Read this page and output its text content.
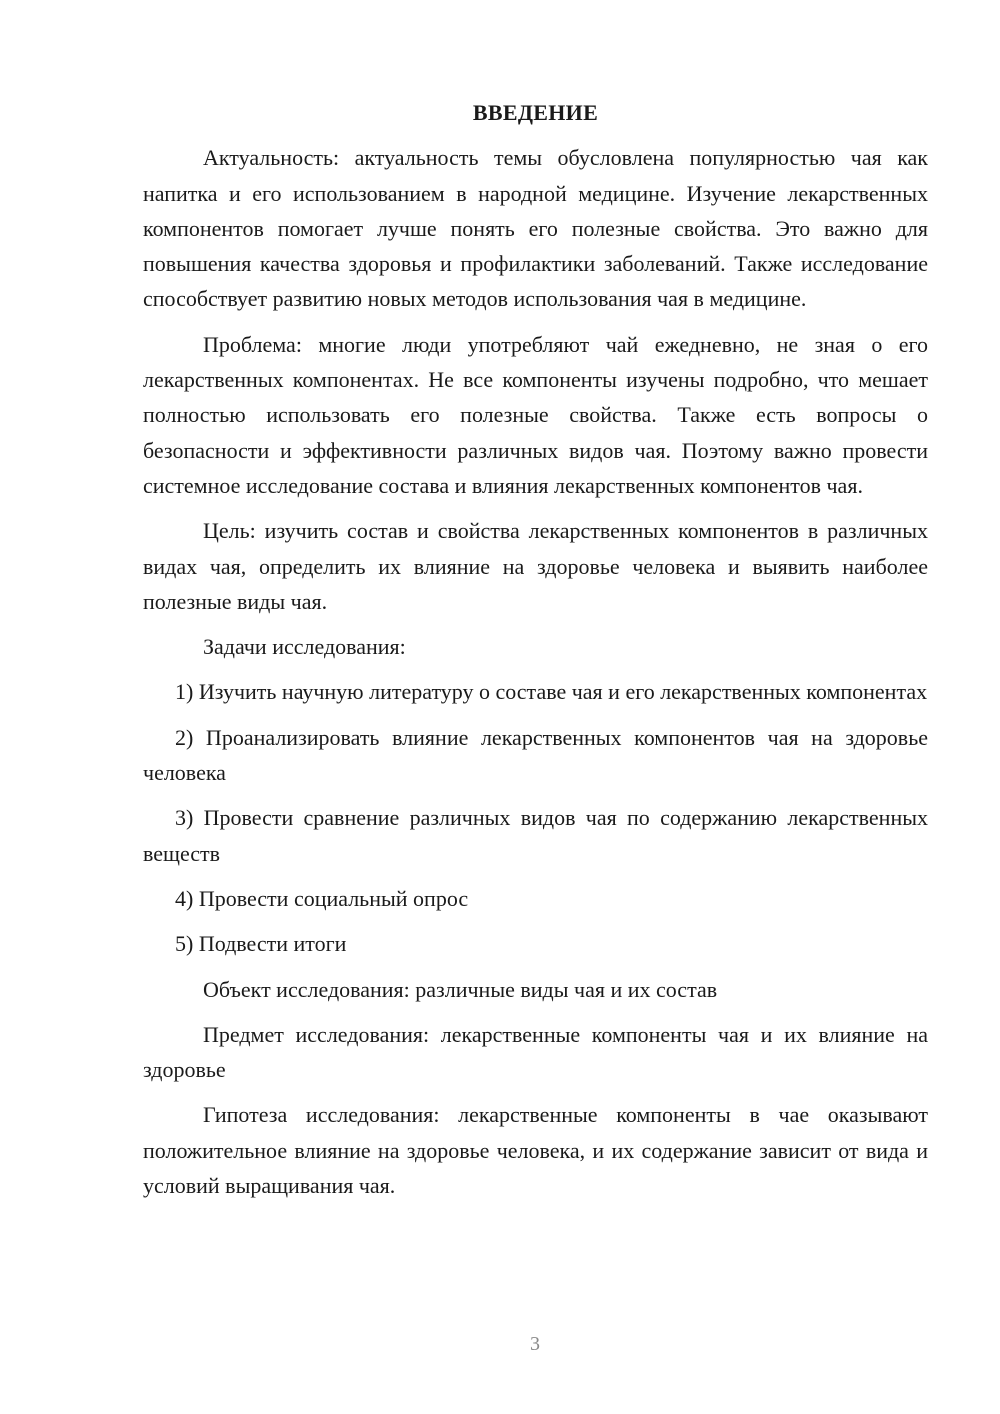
ВВЕДЕНИЕ

Актуальность: актуальность темы обусловлена популярностью чая как напитка и его использованием в народной медицине. Изучение лекарственных компонентов помогает лучше понять его полезные свойства. Это важно для повышения качества здоровья и профилактики заболеваний. Также исследование способствует развитию новых методов использования чая в медицине.

Проблема: многие люди употребляют чай ежедневно, не зная о его лекарственных компонентах. Не все компоненты изучены подробно, что мешает полностью использовать его полезные свойства. Также есть вопросы о безопасности и эффективности различных видов чая. Поэтому важно провести системное исследование состава и влияния лекарственных компонентов чая.

Цель: изучить состав и свойства лекарственных компонентов в различных видах чая, определить их влияние на здоровье человека и выявить наиболее полезные виды чая.

Задачи исследования:

1) Изучить научную литературу о составе чая и его лекарственных компонентах

2) Проанализировать влияние лекарственных компонентов чая на здоровье человека

3) Провести сравнение различных видов чая по содержанию лекарственных веществ

4) Провести социальный опрос

5) Подвести итоги

Объект исследования: различные виды чая и их состав

Предмет исследования: лекарственные компоненты чая и их влияние на здоровье

Гипотеза исследования: лекарственные компоненты в чае оказывают положительное влияние на здоровье человека, и их содержание зависит от вида и условий выращивания чая.

3
